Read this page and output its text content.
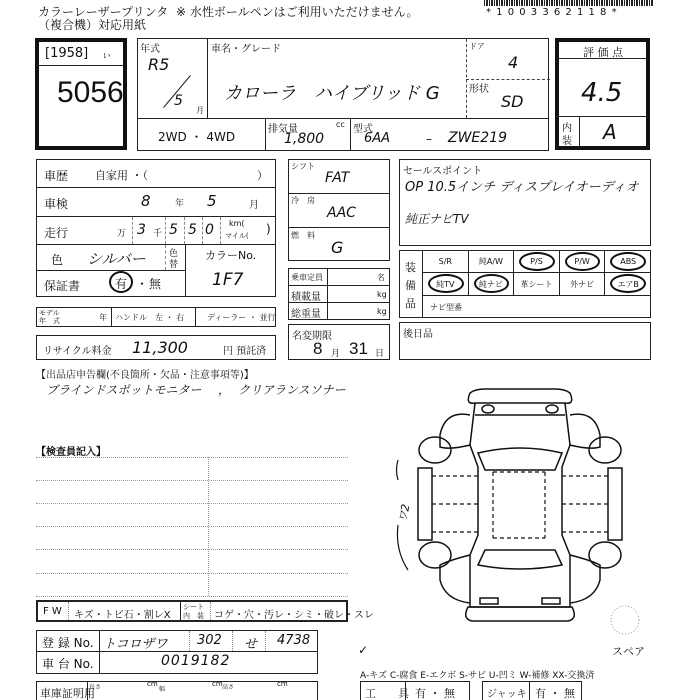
カラーレーザープリンタ ※ 水性ボールペンはご利用いただけません。
（複合機）対応用紙
* 1 0 0 3 3 6 2 1 1 8 *
[1958] ぃ
5056
年式
R5
5
月
車名・グレード
カローラ ハイブリッド G
ドア
4
形状
SD
2WD ・ 4WD
排気量	cc
1,800
型式
6AA	– ZWE219
評 価 点
4.5
内
装 A
車歴 自家用 ・（	）
車検	8	年 5	月
走行	万 3 千 5 5 0 km(
マイル( )
色 シルバー	色
替
カラーNo.
1F7
保証書	有 ・ 無
モデル
年　式	年 ハンドル　左 ・ 右	ディーラー ・ 並行
リサイクル料金 11,300	円 預託済
シフト
FAT
冷　房
AAC
燃　料
G
乗車定員	名
積載量	kg
総重量	kg
名変期限
8 月 31 日
セールスポイント
OP 10.5インチ ディスプレイオーディオ
純正ナビTV
装
備
品
S/R	純A/W	P/S	P/W	ABS
純TV	純ナビ 革シート 外ナビ	エアB
ナビ型番
後日品
【出品店申告欄(不良箇所・欠品・注意事項等)】
ブラインドスポットモニター ， クリアランスソナー
【検査員記入】
ワ2
スペア
F W キズ・トビ石・割レX
シート
内　装 コゲ・穴・汚レ・シミ・破レ・スレ
登 録 No. トコロザワ 302 せ 4738
車 台 No.	0019182
✓
車庫証明用
長さ	cm
幅
cm 高さ	cm
A-キズ C-腐食 E-エクボ S-サビ U-凹ミ W-補修 XX-交換済
工　　具 有 ・ 無	ジャッキ 有 ・ 無
